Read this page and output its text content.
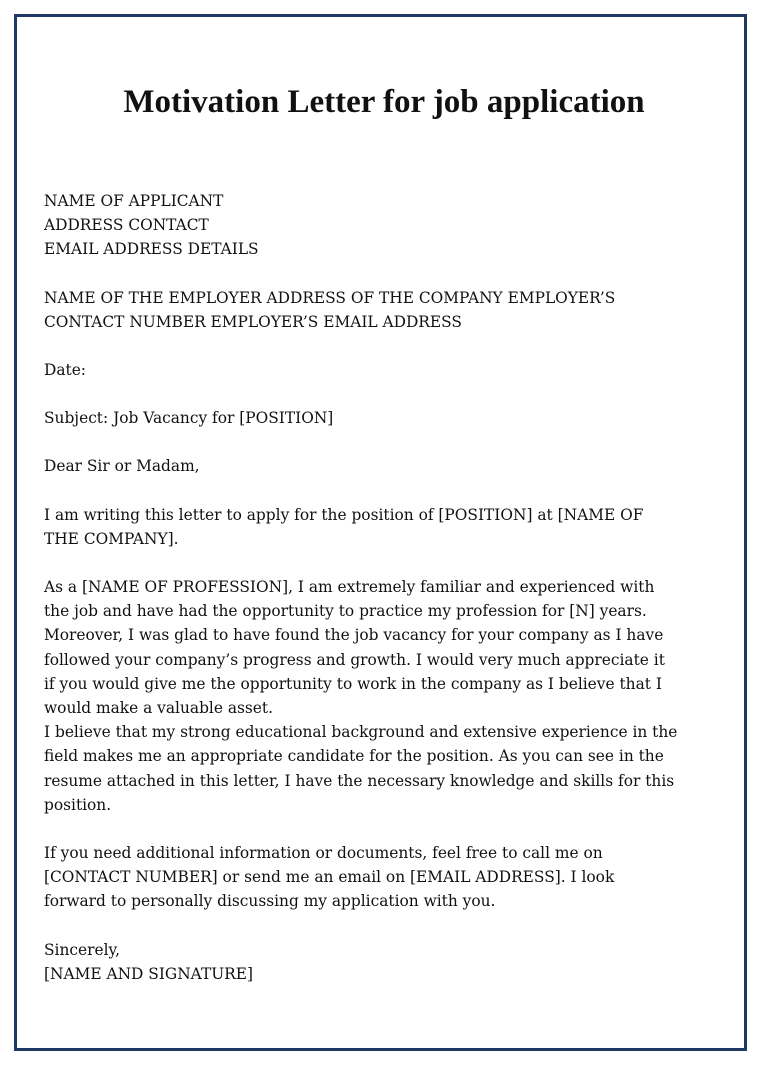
Motivation Letter for job application
NAME OF APPLICANT
ADDRESS CONTACT
EMAIL ADDRESS DETAILS
NAME OF THE EMPLOYER ADDRESS OF THE COMPANY EMPLOYER’S
CONTACT NUMBER EMPLOYER’S EMAIL ADDRESS
Date:
Subject: Job Vacancy for [POSITION]
Dear Sir or Madam,
I am writing this letter to apply for the position of [POSITION] at [NAME OF
THE COMPANY].
As a [NAME OF PROFESSION], I am extremely familiar and experienced with
the job and have had the opportunity to practice my profession for [N] years.
Moreover, I was glad to have found the job vacancy for your company as I have
followed your company’s progress and growth. I would very much appreciate it
if you would give me the opportunity to work in the company as I believe that I
would make a valuable asset.
I believe that my strong educational background and extensive experience in the
field makes me an appropriate candidate for the position. As you can see in the
resume attached in this letter, I have the necessary knowledge and skills for this
position.
If you need additional information or documents, feel free to call me on
[CONTACT NUMBER] or send me an email on [EMAIL ADDRESS]. I look
forward to personally discussing my application with you.
Sincerely,
[NAME AND SIGNATURE]
